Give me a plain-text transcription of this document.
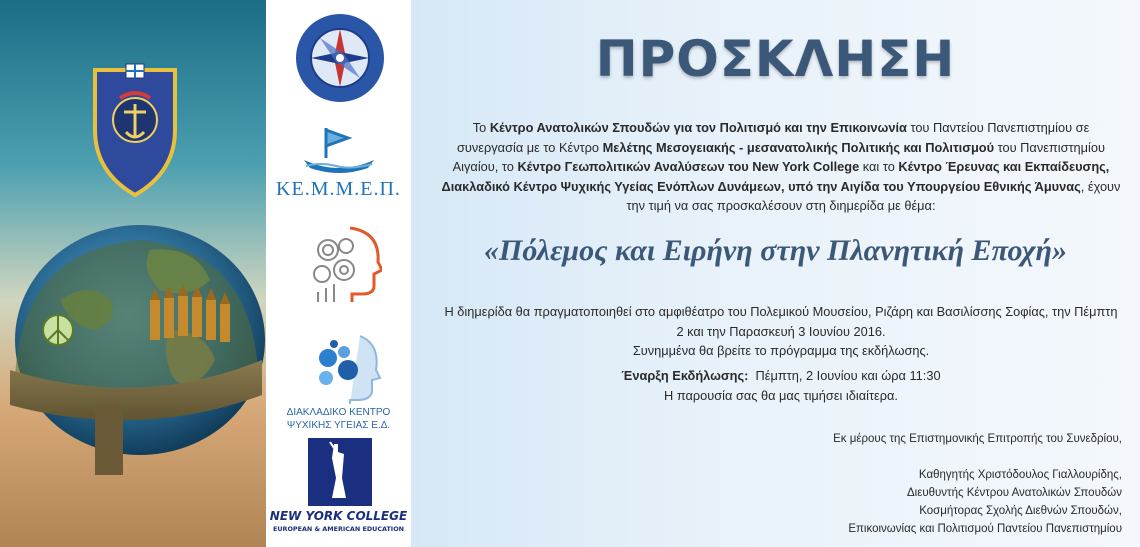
ΚΕ.Μ.Μ.Ε.Π.
ΔΙΑΚΛΑΔΙΚΟ ΚΕΝΤΡΟ
ΨΥΧΙΚΗΣ ΥΓΕΙΑΣ Ε.Δ.
NEW YORK COLLEGE
EUROPEAN & AMERICAN EDUCATION
ΠΡΟΣΚΛΗΣΗ
Το Κέντρο Ανατολικών Σπουδών για τον Πολιτισμό και την Επικοινωνία του Παντείου Πανεπιστημίου σε συνεργασία με το Κέντρο Μελέτης Μεσογειακής - μεσανατολικής Πολιτικής και Πολιτισμού του Πανεπιστημίου Αιγαίου, το Κέντρο Γεωπολιτικών Αναλύσεων του New York College και το Κέντρο Έρευνας και Εκπαίδευσης, Διακλαδικό Κέντρο Ψυχικής Υγείας Ενόπλων Δυνάμεων, υπό την Αιγίδα του Υπουργείου Εθνικής Άμυνας, έχουν την τιμή να σας προσκαλέσουν στη διημερίδα με θέμα:
«Πόλεμος και Ειρήνη στην Πλανητική Εποχή»
Η διημερίδα θα πραγματοποιηθεί στο αμφιθέατρο του Πολεμικού Μουσείου, Ριζάρη και Βασιλίσσης Σοφίας, την Πέμπτη 2 και την Παρασκευή 3 Ιουνίου 2016.
Συνημμένα θα βρείτε το πρόγραμμα της εκδήλωσης.
Έναρξη Εκδήλωσης: Πέμπτη, 2 Ιουνίου και ώρα 11:30
Η παρουσία σας θα μας τιμήσει ιδιαίτερα.
Εκ μέρους της Επιστημονικής Επιτροπής του Συνεδρίου,
Καθηγητής Χριστόδουλος Γιαλλουρίδης,
Διευθυντής Κέντρου Ανατολικών Σπουδών
Κοσμήτορας Σχολής Διεθνών Σπουδών,
Επικοινωνίας και Πολιτισμού Παντείου Πανεπιστημίου
